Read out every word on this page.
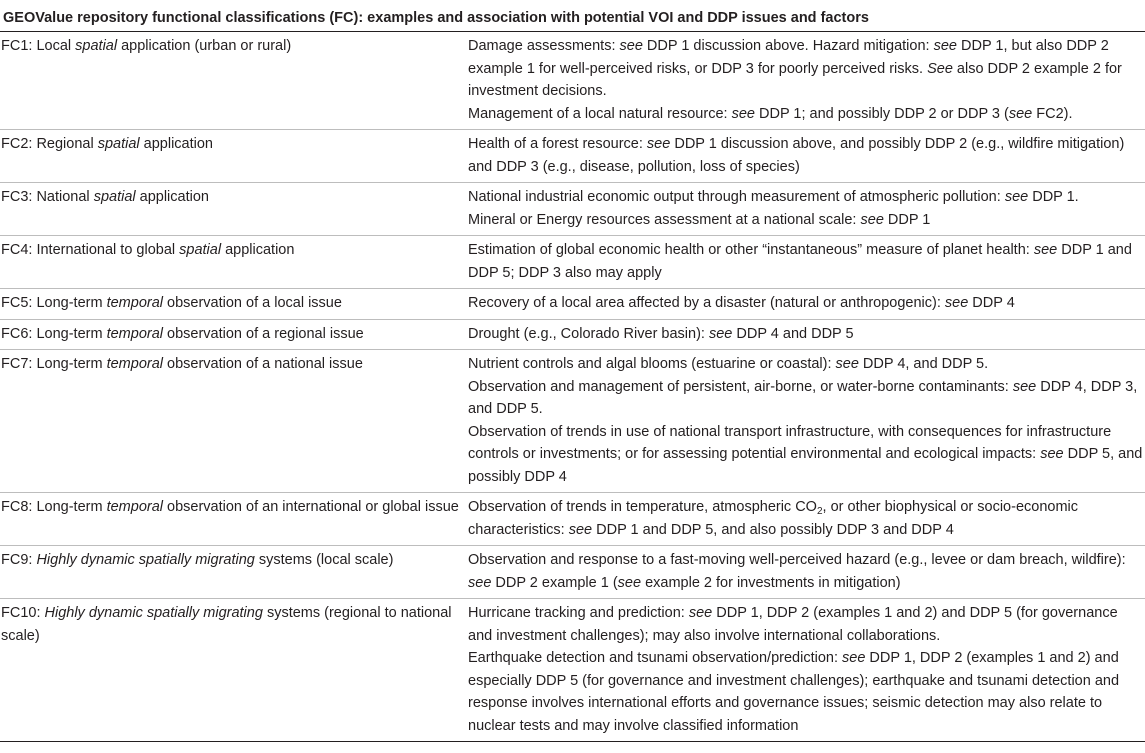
GEOValue repository functional classifications (FC): examples and association with potential VOI and DDP issues and factors
FC1: Local spatial application (urban or rural)	Damage assessments: see DDP 1 discussion above. Hazard mitigation: see DDP 1, but also DDP 2 example 1 for well-perceived risks, or DDP 3 for poorly perceived risks. See also DDP 2 example 2 for investment decisions.
Management of a local natural resource: see DDP 1; and possibly DDP 2 or DDP 3 (see FC2).

FC2: Regional spatial application	Health of a forest resource: see DDP 1 discussion above, and possibly DDP 2 (e.g., wildfire mitigation) and DDP 3 (e.g., disease, pollution, loss of species)

FC3: National spatial application	National industrial economic output through measurement of atmospheric pollution: see DDP 1.
Mineral or Energy resources assessment at a national scale: see DDP 1

FC4: International to global spatial application	Estimation of global economic health or other “instantaneous” measure of planet health: see DDP 1 and DDP 5; DDP 3 also may apply

FC5: Long-term temporal observation of a local issue	Recovery of a local area affected by a disaster (natural or anthropogenic): see DDP 4

FC6: Long-term temporal observation of a regional issue	Drought (e.g., Colorado River basin): see DDP 4 and DDP 5

FC7: Long-term temporal observation of a national issue	Nutrient controls and algal blooms (estuarine or coastal): see DDP 4, and DDP 5.
Observation and management of persistent, air-borne, or water-borne contaminants: see DDP 4, DDP 3, and DDP 5.
Observation of trends in use of national transport infrastructure, with consequences for infrastructure controls or investments; or for assessing potential environmental and ecological impacts: see DDP 5, and possibly DDP 4

FC8: Long-term temporal observation of an international or global issue	Observation of trends in temperature, atmospheric $CO_2$, or other biophysical or socio-economic characteristics: see DDP 1 and DDP 5, and also possibly DDP 3 and DDP 4

FC9: Highly dynamic spatially migrating systems (local scale)	Observation and response to a fast-moving well-perceived hazard (e.g., levee or dam breach, wildfire): see DDP 2 example 1 (see example 2 for investments in mitigation)

FC10: Highly dynamic spatially migrating systems (regional to national scale)	Hurricane tracking and prediction: see DDP 1, DDP 2 (examples 1 and 2) and DDP 5 (for governance and investment challenges); may also involve international collaborations.
Earthquake detection and tsunami observation/prediction: see DDP 1, DDP 2 (examples 1 and 2) and especially DDP 5 (for governance and investment challenges); earthquake and tsunami detection and response involves international efforts and governance issues; seismic detection may also relate to nuclear tests and may involve classified information
